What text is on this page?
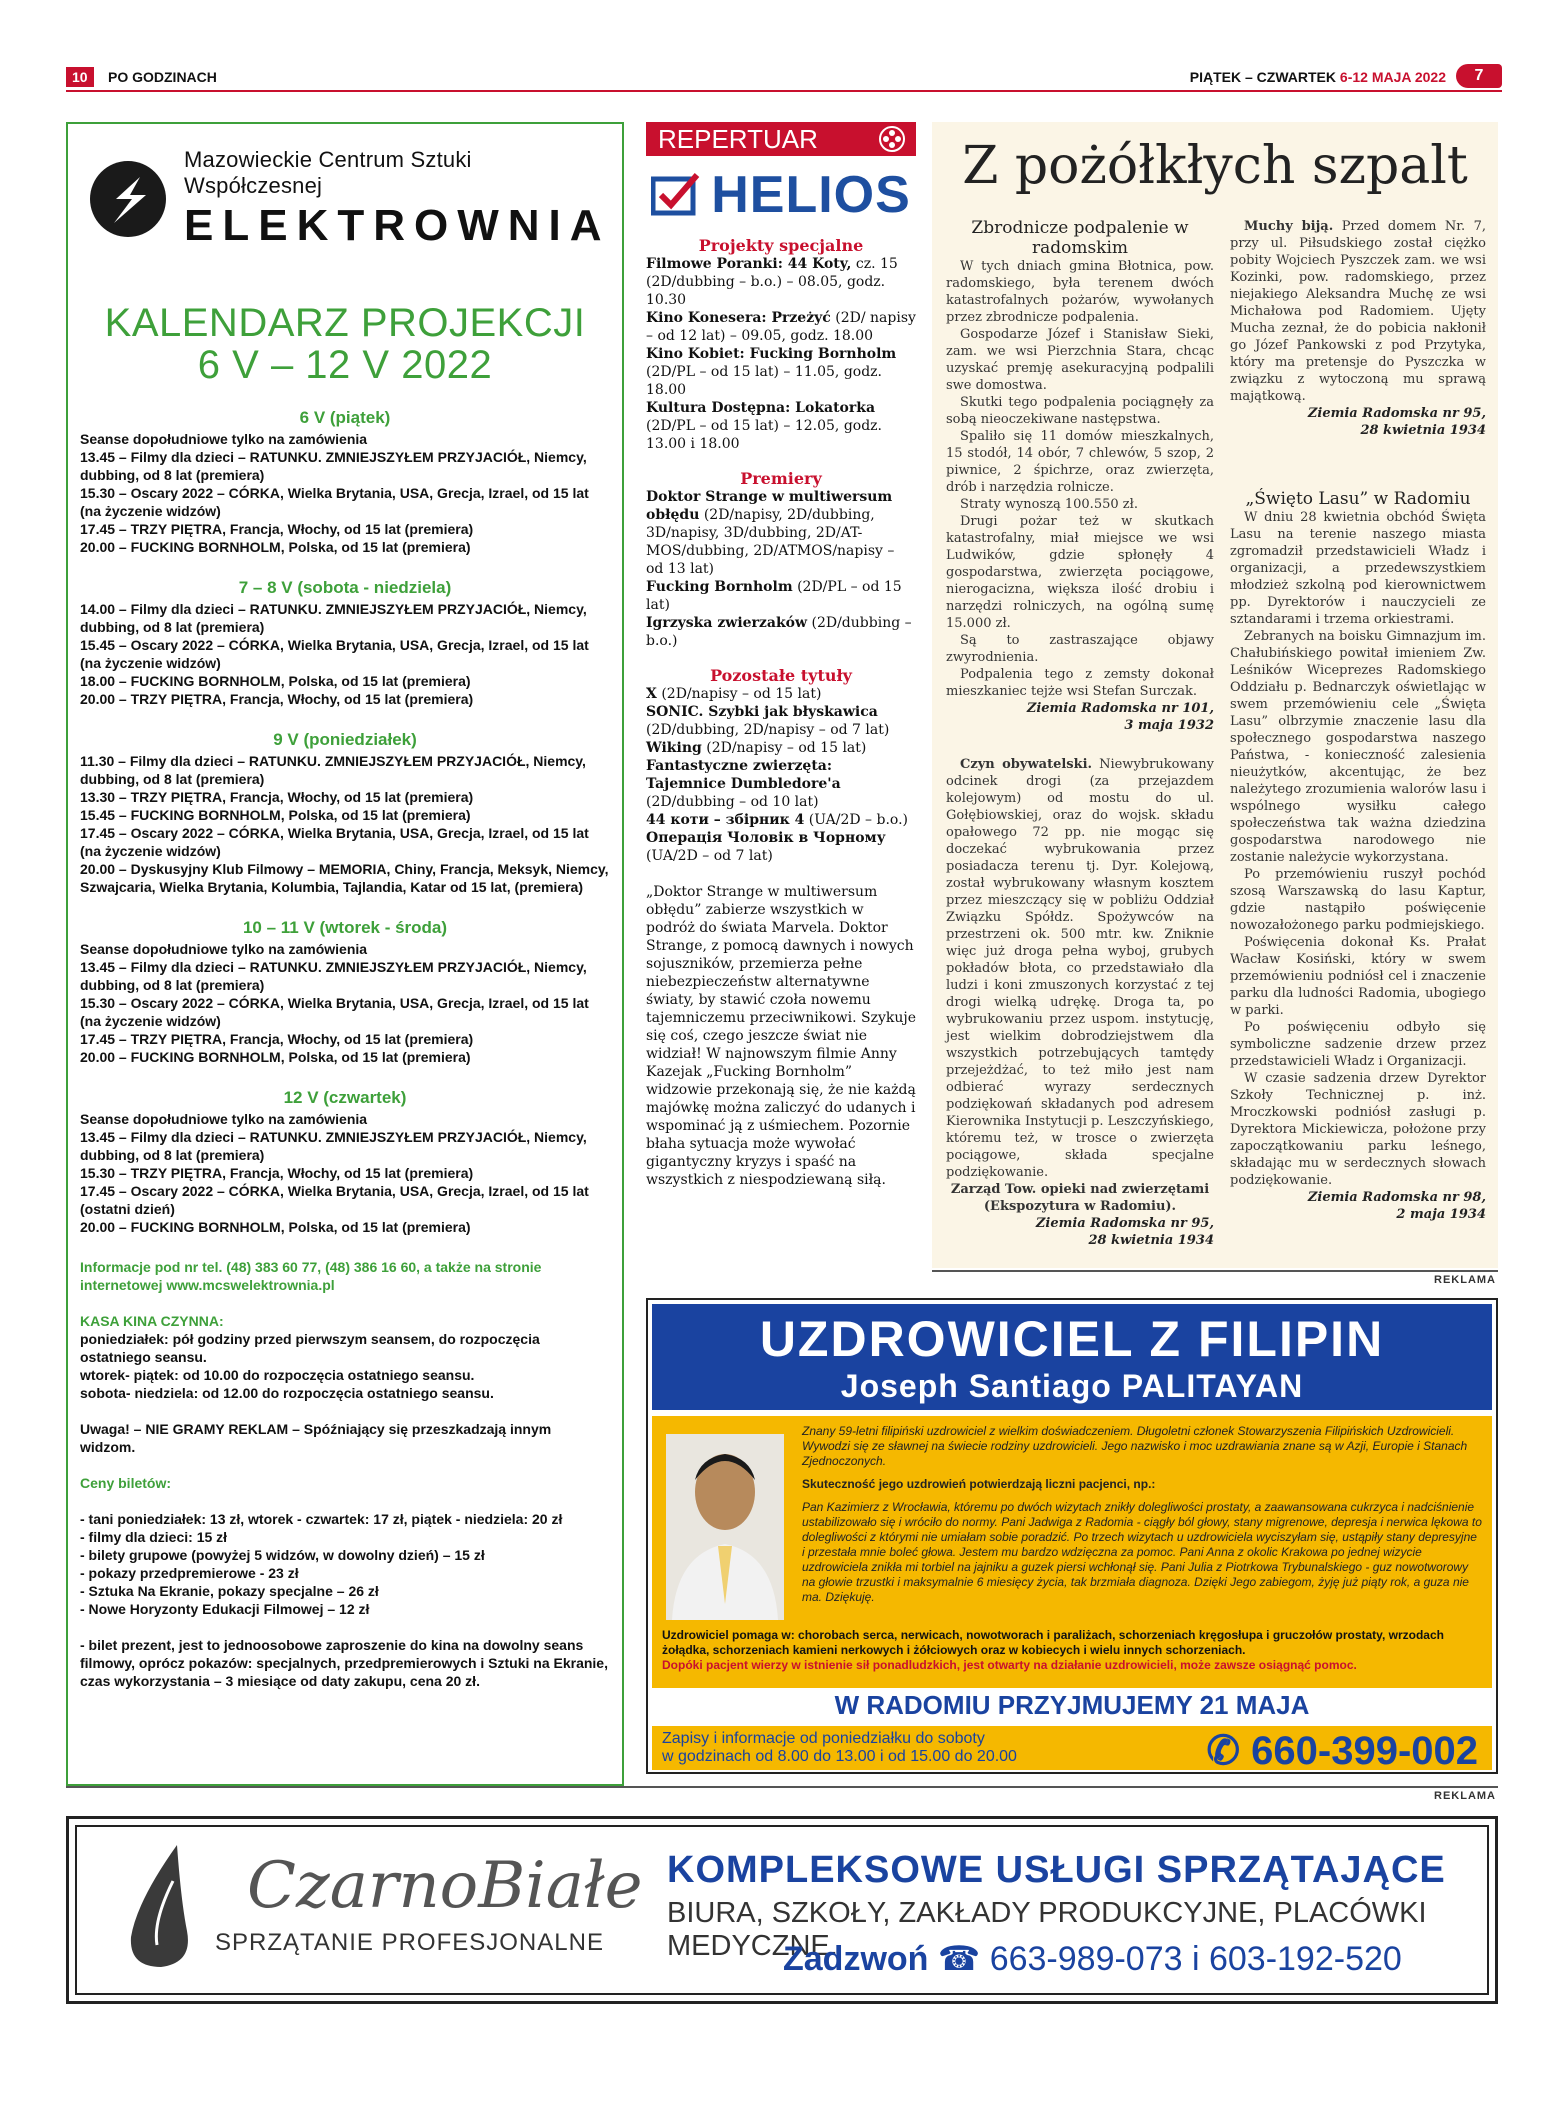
10	PO GODZINACH	PIĄTEK – CZWARTEK 6-12 MAJA 2022	7
Mazowieckie Centrum Sztuki Współczesnej
ELEKTROWNIA
KALENDARZ PROJEKCJI
6 V – 12 V 2022
6 V (piątek)
Seanse dopołudniowe tylko na zamówienia
13.45 – Filmy dla dzieci – RATUNKU. ZMNIEJSZYŁEM PRZYJACIÓŁ, Niemcy, dubbing, od 8 lat (premiera)
15.30 – Oscary 2022 – CÓRKA, Wielka Brytania, USA, Grecja, Izrael, od 15 lat (na życzenie widzów)
17.45 – TRZY PIĘTRA, Francja, Włochy, od 15 lat (premiera)
20.00 – FUCKING BORNHOLM, Polska, od 15 lat (premiera)
7 – 8 V (sobota - niedziela)
14.00 – Filmy dla dzieci – RATUNKU. ZMNIEJSZYŁEM PRZYJACIÓŁ, Niemcy, dubbing, od 8 lat (premiera)
15.45 – Oscary 2022 – CÓRKA, Wielka Brytania, USA, Grecja, Izrael, od 15 lat (na życzenie widzów)
18.00 – FUCKING BORNHOLM, Polska, od 15 lat (premiera)
20.00 – TRZY PIĘTRA, Francja, Włochy, od 15 lat (premiera)
9 V (poniedziałek)
11.30 – Filmy dla dzieci – RATUNKU. ZMNIEJSZYŁEM PRZYJACIÓŁ, Niemcy, dubbing, od 8 lat (premiera)
13.30 – TRZY PIĘTRA, Francja, Włochy, od 15 lat (premiera)
15.45 – FUCKING BORNHOLM, Polska, od 15 lat (premiera)
17.45 – Oscary 2022 – CÓRKA, Wielka Brytania, USA, Grecja, Izrael, od 15 lat (na życzenie widzów)
20.00 – Dyskusyjny Klub Filmowy – MEMORIA, Chiny, Francja, Meksyk, Niemcy, Szwajcaria, Wielka Brytania, Kolumbia, Tajlandia, Katar od 15 lat, (premiera)
10 – 11 V (wtorek - środa)
Seanse dopołudniowe tylko na zamówienia
13.45 – Filmy dla dzieci – RATUNKU. ZMNIEJSZYŁEM PRZYJACIÓŁ, Niemcy, dubbing, od 8 lat (premiera)
15.30 – Oscary 2022 – CÓRKA, Wielka Brytania, USA, Grecja, Izrael, od 15 lat (na życzenie widzów)
17.45 – TRZY PIĘTRA, Francja, Włochy, od 15 lat (premiera)
20.00 – FUCKING BORNHOLM, Polska, od 15 lat (premiera)
12 V (czwartek)
Seanse dopołudniowe tylko na zamówienia
13.45 – Filmy dla dzieci – RATUNKU. ZMNIEJSZYŁEM PRZYJACIÓŁ, Niemcy, dubbing, od 8 lat (premiera)
15.30 – TRZY PIĘTRA, Francja, Włochy, od 15 lat (premiera)
17.45 – Oscary 2022 – CÓRKA, Wielka Brytania, USA, Grecja, Izrael, od 15 lat (ostatni dzień)
20.00 – FUCKING BORNHOLM, Polska, od 15 lat (premiera)
Informacje pod nr tel. (48) 383 60 77, (48) 386 16 60, a także na stronie internetowej www.mcswelektrownia.pl
KASA KINA CZYNNA:
poniedziałek: pół godziny przed pierwszym seansem, do rozpoczęcia ostatniego seansu.
wtorek- piątek: od 10.00 do rozpoczęcia ostatniego seansu.
sobota- niedziela: od 12.00 do rozpoczęcia ostatniego seansu.
Uwaga! – NIE GRAMY REKLAM – Spóźniający się przeszkadzają innym widzom.
Ceny biletów:
- tani poniedziałek: 13 zł, wtorek - czwartek: 17 zł, piątek - niedziela: 20 zł
- filmy dla dzieci: 15 zł
- bilety grupowe (powyżej 5 widzów, w dowolny dzień) – 15 zł
- pokazy przedpremierowe - 23 zł
- Sztuka Na Ekranie, pokazy specjalne – 26 zł
- Nowe Horyzonty Edukacji Filmowej – 12 zł
- bilet prezent, jest to jednoosobowe zaproszenie do kina na dowolny seans filmowy, oprócz pokazów: specjalnych, przedpremierowych i Sztuki na Ekranie, czas wykorzystania – 3 miesiące od daty zakupu, cena 20 zł.
REPERTUAR
HELIOS
Projekty specjalne
Filmowe Poranki: 44 Koty, cz. 15 (2D/dubbing – b.o.) – 08.05, godz. 10.30
Kino Konesera: Przeżyć (2D/ napisy – od 12 lat) – 09.05, godz. 18.00
Kino Kobiet: Fucking Bornholm (2D/PL – od 15 lat) – 11.05, godz. 18.00
Kultura Dostępna: Lokatorka (2D/PL – od 15 lat) – 12.05, godz. 13.00 i 18.00
Premiery
Doktor Strange w multiwersum obłędu (2D/napisy, 2D/dubbing, 3D/napisy, 3D/dubbing, 2D/AT-MOS/dubbing, 2D/ATMOS/napisy – od 13 lat)
Fucking Bornholm (2D/PL – od 15 lat)
Igrzyska zwierzaków (2D/dubbing – b.o.)
Pozostałe tytuły
X (2D/napisy – od 15 lat)
SONIC. Szybki jak błyskawica (2D/dubbing, 2D/napisy – od 7 lat)
Wiking (2D/napisy – od 15 lat)
Fantastyczne zwierzęta: Tajemnice Dumbledore'a (2D/dubbing – od 10 lat)
44 коти – збірник 4 (UA/2D – b.o.)
Операція Чоловік в Чорному (UA/2D – od 7 lat)
„Doktor Strange w multiwersum obłędu” zabierze wszystkich w podróż do świata Marvela. Doktor Strange, z pomocą dawnych i nowych sojuszników, przemierza pełne niebezpieczeństw alternatywne światy, by stawić czoła nowemu tajemniczemu przeciwnikowi. Szykuje się coś, czego jeszcze świat nie widział! W najnowszym filmie Anny Kazejak „Fucking Bornholm” widzowie przekonają się, że nie każdą majówkę można zaliczyć do udanych i wspominać ją z uśmiechem. Pozornie błaha sytuacja może wywołać gigantyczny kryzys i spaść na wszystkich z niespodziewaną siłą.
Z pożółkłych szpalt
Zbrodnicze podpalenie w radomskim

W tych dniach gmina Błotnica, pow. radomskiego, była terenem dwóch katastrofalnych pożarów, wywołanych przez zbrodnicze podpalenia.

Gospodarze Józef i Stanisław Sieki, zam. we wsi Pierzchnia Stara, chcąc uzyskać premję asekuracyjną podpalili swe domostwa.

Skutki tego podpalenia pociągnęły za sobą nieoczekiwane następstwa.

Spaliło się 11 domów mieszkalnych, 15 stodół, 14 obór, 7 chlewów, 5 szop, 2 piwnice, 2 śpichrze, oraz zwierzęta, drób i narzędzia rolnicze.

Straty wynoszą 100.550 zł.

Drugi pożar też w skutkach katastrofalny, miał miejsce we wsi Ludwików, gdzie spłonęły 4 gospodarstwa, zwierzęta pociągowe, nierogacizna, większa ilość drobiu i narzędzi rolniczych, na ogólną sumę 15.000 zł.

Są to zastraszające objawy zwyrodnienia.

Podpalenia tego z zemsty dokonał mieszkaniec tejże wsi Stefan Surczak.

Ziemia Radomska nr 101,
3 maja 1932

Czyn obywatelski. Niewybrukowany odcinek drogi (za przejazdem kolejowym) od mostu do ul. Gołębiowskiej, oraz do wojsk. składu opałowego 72 pp. nie mogąc się doczekać wybrukowania przez posiadacza terenu tj. Dyr. Kolejową, został wybrukowany własnym kosztem przez mieszczący się w pobliżu Oddział Związku Spółdz. Spożywców na przestrzeni ok. 500 mtr. kw. Zniknie więc już droga pełna wyboj, grubych pokładów błota, co przedstawiało dla ludzi i koni zmuszonych korzystać z tej drogi wielką udrękę. Droga ta, po wybrukowaniu przez uspom. instytucję, jest wielkim dobrodziejstwem dla wszystkich potrzebujących tamtędy przejeżdżać, to też miło jest nam odbierać wyrazy serdecznych podziękowań składanych pod adresem Kierownika Instytucji p. Leszczyńskiego, któremu też, w trosce o zwierzęta pociągowe, składa specjalne podziękowanie.

Zarząd Tow. opieki nad zwierzętami (Ekspozytura w Radomiu).
Ziemia Radomska nr 95,
28 kwietnia 1934

Muchy biją. Przed domem Nr. 7, przy ul. Piłsudskiego został ciężko pobity Wojciech Pyszczek zam. we wsi Kozinki, pow. radomskiego, przez niejakiego Aleksandra Muchę ze wsi Michałowa pod Radomiem. Ujęty Mucha zeznał, że do pobicia nakłonił go Józef Pankowski z pod Przytyka, który ma pretensje do Pyszczka w związku z wytoczoną mu sprawą majątkową.

Ziemia Radomska nr 95,
28 kwietnia 1934
„Święto Lasu” w Radomiu

W dniu 28 kwietnia obchód Święta Lasu na terenie naszego miasta zgromadził przedstawicieli Władz i organizacji, a przedewszystkiem młodzież szkolną pod kierownictwem pp. Dyrektorów i nauczycieli ze sztandarami i trzema orkiestrami.

Zebranych na boisku Gimnazjum im. Chałubińskiego powitał imieniem Zw. Leśników Wiceprezes Radomskiego Oddziału p. Bednarczyk oświetlając w swem przemówieniu cele „Święta Lasu” olbrzymie znaczenie lasu dla społecznego gospodarstwa naszego Państwa, - konieczność zalesienia nieużytków, akcentując, że bez należytego zrozumienia walorów lasu i wspólnego wysiłku całego społeczeństwa tak ważna dziedzina gospodarstwa narodowego nie zostanie należycie wykorzystana.

Po przemówieniu ruszył pochód szosą Warszawską do lasu Kaptur, gdzie nastąpiło poświęcenie nowozałożonego parku podmiejskiego.

Poświęcenia dokonał Ks. Prałat Wacław Kosiński, który w swem przemówieniu podniósł cel i znaczenie parku dla ludności Radomia, ubogiego w parki.

Po poświęceniu odbyło się symboliczne sadzenie drzew przez przedstawicieli Władz i Organizacji.

W czasie sadzenia drzew Dyrektor Szkoły Technicznej p. inż. Mroczkowski podniósł zasługi p. Dyrektora Mickiewicza, położone przy zapoczątkowaniu parku leśnego, składając mu w serdecznych słowach podziękowanie.

Ziemia Radomska nr 98,
2 maja 1934
REKLAMA
UZDROWICIEL Z FILIPIN
Joseph Santiago PALITAYAN
Znany 59-letni filipiński uzdrowiciel z wielkim doświadczeniem. Długoletni członek Stowarzyszenia Filipińskich Uzdrowicieli. Wywodzi się ze sławnej na świecie rodziny uzdrowicieli. Jego nazwisko i moc uzdrawiania znane są w Azji, Europie i Stanach Zjednoczonych.
Skuteczność jego uzdrowień potwierdzają liczni pacjenci, np.:
Pan Kazimierz z Wrocławia, któremu po dwóch wizytach znikły dolegliwości prostaty, a zaawansowana cukrzyca i nadciśnienie ustabilizowało się i wróciło do normy. Pani Jadwiga z Radomia - ciągły ból głowy, stany migrenowe, depresja i nerwica lękowa to dolegliwości z którymi nie umiałam sobie poradzić. Po trzech wizytach u uzdrowiciela wyciszyłam się, ustąpiły stany depresyjne i przestała mnie boleć głowa. Jestem mu bardzo wdzięczna za pomoc. Pani Anna z okolic Krakowa po jednej wizycie uzdrowiciela znikła mi torbiel na jajniku a guzek piersi wchłonął się. Pani Julia z Piotrkowa Trybunalskiego - guz nowotworowy na głowie trzustki i maksymalnie 6 miesięcy życia, tak brzmiała diagnoza. Dzięki Jego zabiegom, żyję już piąty rok, a guza nie ma. Dziękuję.
Uzdrowiciel pomaga w: chorobach serca, nerwicach, nowotworach i paraliżach, schorzeniach kręgosłupa i gruczołów prostaty, wrzodach żołądka, schorzeniach kamieni nerkowych i żółciowych oraz w kobiecych i wielu innych schorzeniach.
Dopóki pacjent wierzy w istnienie sił ponadludzkich, jest otwarty na działanie uzdrowicieli, może zawsze osiągnąć pomoc.
W RADOMIU PRZYJMUJEMY 21 MAJA
Zapisy i informacje od poniedziałku do soboty
w godzinach od 8.00 do 13.00 i od 15.00 do 20.00	✆ 660-399-002
REKLAMA
CzarnoBiałe
SPRZĄTANIE PROFESJONALNE
KOMPLEKSOWE USŁUGI SPRZĄTAJĄCE
BIURA, SZKOŁY, ZAKŁADY PRODUKCYJNE, PLACÓWKI MEDYCZNE.
Zadzwoń ☎ 663-989-073 i 603-192-520
